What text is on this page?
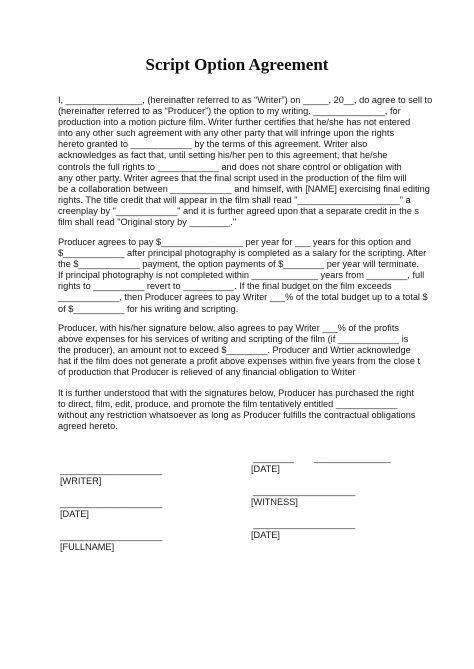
Script Option Agreement
I, _______________, (hereinafter referred to as “Writer”) on _____, 20__, do agree to sell to
(hereinafter referred to as “Producer”) the option to my writing. ______________, for
production into a motion picture film. Writer further certifies that he/she has not entered
into any other such agreement with any other party that will infringe upon the rights
hereto granted to ____________ by the terms of this agreement. Writer also
acknowledges as fact that, until setting his/her pen to this agreement, that he/she
controls the full rights to ____________ and does not share control or obligation with
any other party. Writer agrees that the final script used in the production of the film will
be a collaboration between ____________ and himself, with [NAME] exercising final editing
rights. The title credit that will appear in the film shall read "____________________" a
creenplay by "____________" and it is further agreed upon that a separate credit in the s
film shall read "Original story by ________."
Producer agrees to pay $________________ per year for ___ years for this option and
$____________ after principal photography is completed as a salary for the scripting. After
the $____________ payment, the option payments of $________ per year will terminate.
If principal photography is not completed within _____________ years from ________, full
rights to __________ revert to __________. If the final budget on the film exceeds
____________, then Producer agrees to pay Writer ___% of the total budget up to a total $
of $__________ for his writing and scripting.
Producer, with his/her signature below, also agrees to pay Writer ___% of the profits
above expenses for his services of writing and scripting of the film (if ____________ is
the producer), an amount not to exceed $________. Producer and Wrtier acknowledge
hat if the film does not generate a profit above expenses within five years from the close t
of production that Producer is relieved of any financial obligation to Writer
It is further understood that with the signatures below, Producer has purchased the right
to direct, film, edit, produce, and promote the film tentatively entitled ____________
without any restriction whatsoever as long as Producer fulfills the contractual obligations
agreed hereto.
____________________
[WRITER]
____________________
[DATE]
____________________
[FULLNAME]
________ _______________
[DATE]
____________________
[WITNESS]
____________________
[DATE]
